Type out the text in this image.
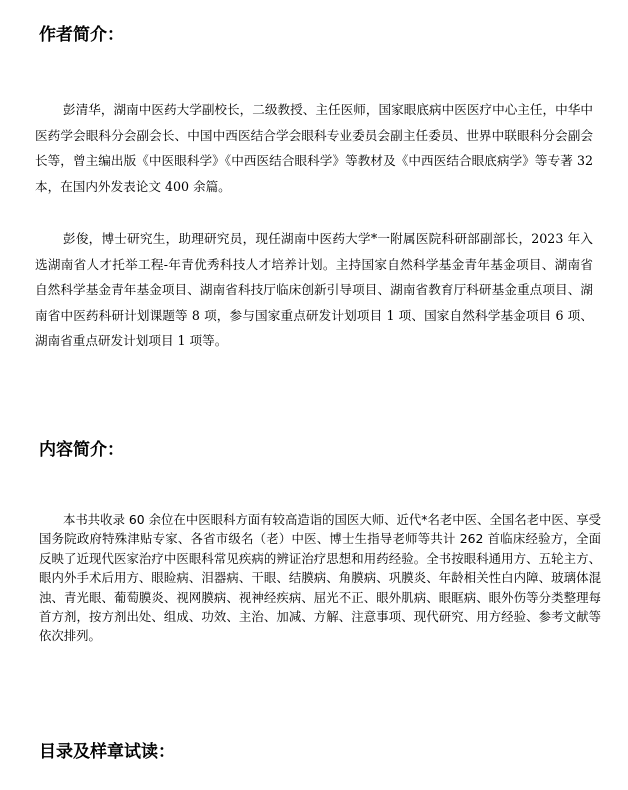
作者简介：

彭清华，湖南中医药大学副校长，二级教授、主任医师，国家眼底病中医医疗中心主任，中华中医药学会眼科分会副会长、中国中西医结合学会眼科专业委员会副主任委员、世界中联眼科分会副会长等，曾主编出版《中医眼科学》《中西医结合眼科学》等教材及《中西医结合眼底病学》等专著 32 本，在国内外发表论文 400 余篇。

彭俊，博士研究生，助理研究员，现任湖南中医药大学*一附属医院科研部副部长，2023 年入选湖南省人才托举工程-年青优秀科技人才培养计划。主持国家自然科学基金青年基金项目、湖南省自然科学基金青年基金项目、湖南省科技厅临床创新引导项目、湖南省教育厅科研基金重点项目、湖南省中医药科研计划课题等 8 项，参与国家重点研发计划项目 1 项、国家自然科学基金项目 6 项、湖南省重点研发计划项目 1 项等。

内容简介：

本书共收录 60 余位在中医眼科方面有较高造诣的国医大师、近代*名老中医、全国名老中医、享受国务院政府特殊津贴专家、各省市级名（老）中医、博士生指导老师等共计 262 首临床经验方，全面反映了近现代医家治疗中医眼科常见疾病的辨证治疗思想和用药经验。全书按眼科通用方、五轮主方、眼内外手术后用方、眼睑病、泪器病、干眼、结膜病、角膜病、巩膜炎、年龄相关性白内障、玻璃体混浊、青光眼、葡萄膜炎、视网膜病、视神经疾病、屈光不正、眼外肌病、眼眶病、眼外伤等分类整理每首方剂，按方剂出处、组成、功效、主治、加减、方解、注意事项、现代研究、用方经验、参考文献等依次排列。

目录及样章试读：
